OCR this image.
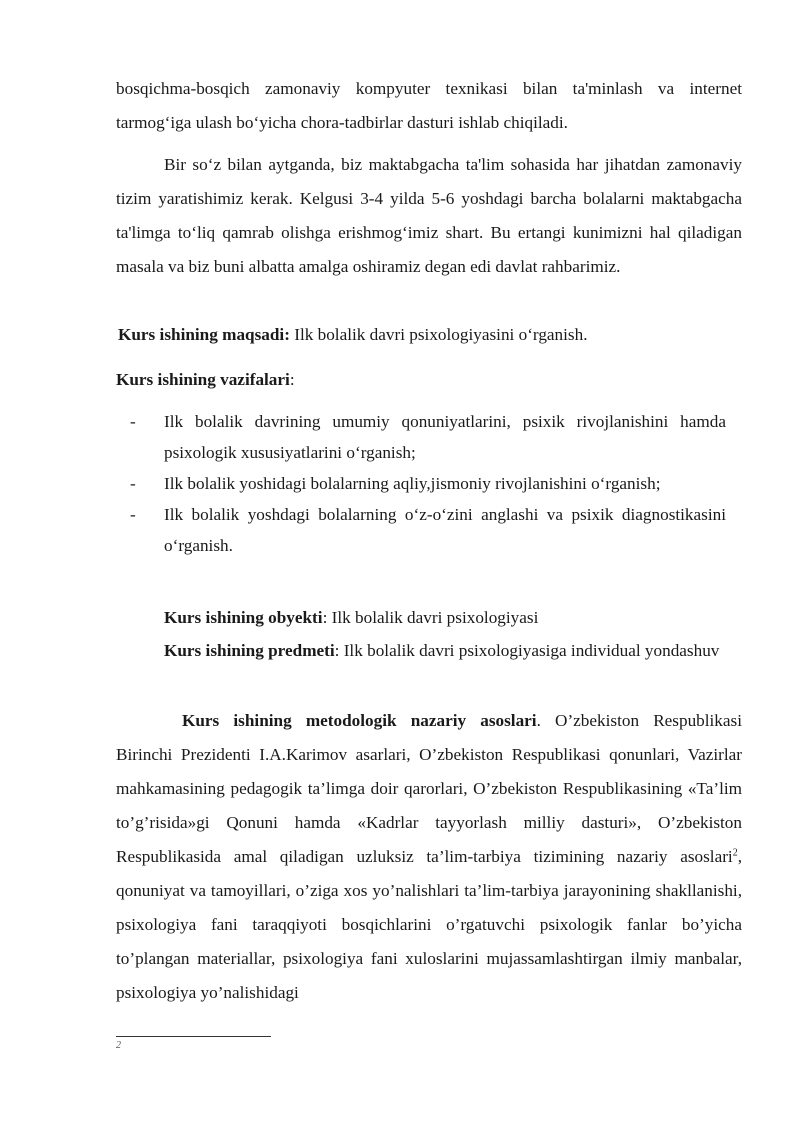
bosqichma-bosqich zamonaviy kompyuter texnikasi bilan ta'minlash va internet tarmog‘iga ulash bo‘yicha chora-tadbirlar dasturi ishlab chiqiladi.

Bir so‘z bilan aytganda, biz maktabgacha ta'lim sohasida har jihatdan zamonaviy tizim yaratishimiz kerak. Kelgusi 3-4 yilda 5-6 yoshdagi barcha bolalarni maktabgacha ta'limga to‘liq qamrab olishga erishmog‘imiz shart. Bu ertangi kunimizni hal qiladigan masala va biz buni albatta amalga oshiramiz degan edi davlat rahbarimiz.

Kurs ishining maqsadi: Ilk bolalik davri psixologiyasini o‘rganish.

Kurs ishining vazifalari:

- Ilk bolalik davrining umumiy qonuniyatlarini, psixik rivojlanishini hamda psixologik xususiyatlarini o‘rganish;
- Ilk bolalik yoshidagi bolalarning aqliy,jismoniy rivojlanishini o‘rganish;
- Ilk bolalik yoshdagi bolalarning o‘z-o‘zini anglashi va psixik diagnostikasini o‘rganish.

Kurs ishining obyekti: Ilk bolalik davri psixologiyasi

Kurs ishining predmeti: Ilk bolalik davri psixologiyasiga individual yondashuv

Kurs ishining metodologik nazariy asoslari. O’zbekiston Respublikasi Birinchi Prezidenti I.A.Karimov asarlari, O’zbekiston Respublikasi qonunlari, Vazirlar mahkamasining pedagogik ta’limga doir qarorlari, O’zbekiston Respublikasining «Ta’lim to’g’risida»gi Qonuni hamda «Kadrlar tayyorlash milliy dasturi», O’zbekiston Respublikasida amal qiladigan uzluksiz ta’lim-tarbiya tizimining nazariy asoslari$^2$, qonuniyat va tamoyillari, o’ziga xos yo’nalishlari ta’lim-tarbiya jarayonining shakllanishi, psixologiya fani taraqqiyoti bosqichlarini o’rgatuvchi psixologik fanlar bo’yicha to’plangan materiallar, psixologiya fani xuloslarini mujassamlashtirgan ilmiy manbalar, psixologiya yo’nalishidagi

2
